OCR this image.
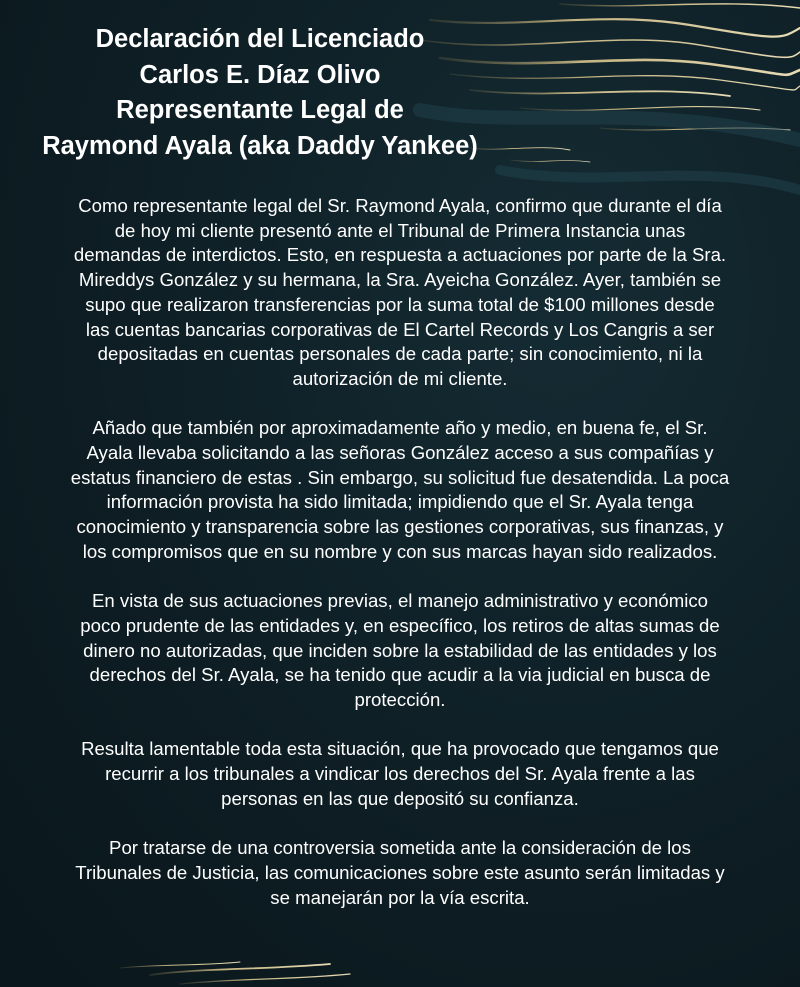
Declaración del Licenciado
Carlos E. Díaz Olivo
Representante Legal de
Raymond Ayala (aka Daddy Yankee)
Como representante legal del Sr. Raymond Ayala, confirmo que durante el día
de hoy mi cliente presentó ante el Tribunal de Primera Instancia unas
demandas de interdictos. Esto, en respuesta a actuaciones por parte de la Sra.
Mireddys González y su hermana, la Sra. Ayeicha González. Ayer, también se
supo que realizaron transferencias por la suma total de $100 millones desde
las cuentas bancarias corporativas de El Cartel Records y Los Cangris a ser
depositadas en cuentas personales de cada parte; sin conocimiento, ni la
autorización de mi cliente.
Añado que también por aproximadamente año y medio, en buena fe, el Sr.
Ayala llevaba solicitando a las señoras González acceso a sus compañías y
estatus financiero de estas . Sin embargo, su solicitud fue desatendida. La poca
información provista ha sido limitada; impidiendo que el Sr. Ayala tenga
conocimiento y transparencia sobre las gestiones corporativas, sus finanzas, y
los compromisos que en su nombre y con sus marcas hayan sido realizados.
En vista de sus actuaciones previas, el manejo administrativo y económico
poco prudente de las entidades y, en específico, los retiros de altas sumas de
dinero no autorizadas, que inciden sobre la estabilidad de las entidades y los
derechos del Sr. Ayala, se ha tenido que acudir a la via judicial en busca de
protección.
Resulta lamentable toda esta situación, que ha provocado que tengamos que
recurrir a los tribunales a vindicar los derechos del Sr. Ayala frente a las
personas en las que depositó su confianza.
Por tratarse de una controversia sometida ante la consideración de los
Tribunales de Justicia, las comunicaciones sobre este asunto serán limitadas y
se manejarán por la vía escrita.
